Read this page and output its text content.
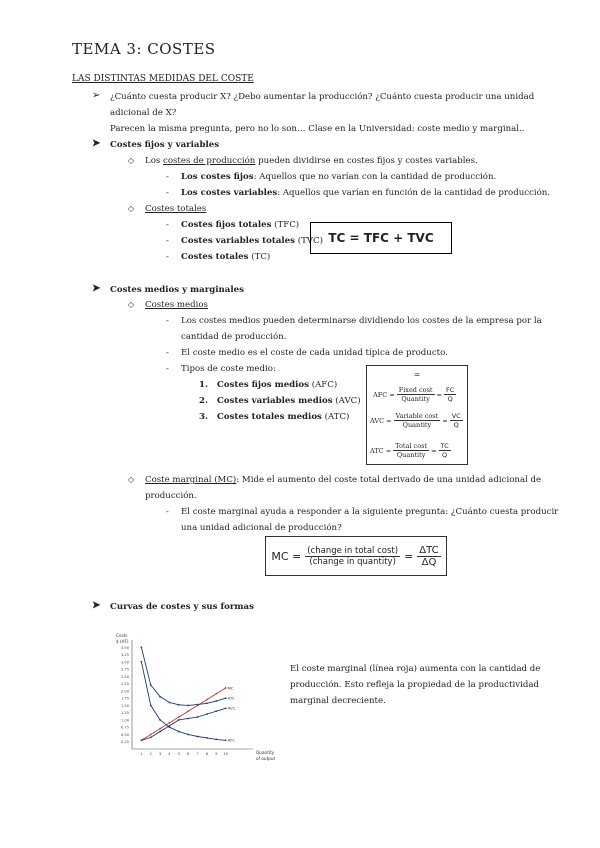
TEMA 3: COSTES
LAS DISTINTAS MEDIDAS DEL COSTE
➢ ¿Cuánto cuesta producir X? ¿Debo aumentar la producción? ¿Cuánto cuesta producir una unidad
adicional de X?
Parecen la misma pregunta, pero no lo son… Clase en la Universidad: coste medio y marginal..
➤ Costes fijos y variables
◇ Los costes de producción pueden dividirse en costes fijos y costes variables.
- Los costes fijos: Aquellos que no varían con la cantidad de producción.
- Los costes variables: Aquellos que varían en función de la cantidad de producción.
◇ Costes totales
- Costes fijos totales (TFC)
- Costes variables totales (TVC)
- Costes totales (TC)
TC = TFC + TVC
➤ Costes medios y marginales
◇ Costes medios
- Los costes medios pueden determinarse dividiendo los costes de la empresa por la
cantidad de producción.
- El coste medio es el coste de cada unidad típica de producto.
- Tipos de coste medio:
1. Costes fijos medios (AFC)
2. Costes variables medios (AVC)
3. Costes totales medios (ATC)
=
AFC = $\frac{\text{Fixed cost}}{\text{Quantity}} = \frac{FC}{Q}$
AVC = $\frac{\text{Variable cost}}{\text{Quantity}} = \frac{VC}{Q}$
ATC = $\frac{\text{Total cost}}{\text{Quantity}} = \frac{TC}{Q}$
◇ Coste marginal (MC): Mide el aumento del coste total derivado de una unidad adicional de
producción.
- El coste marginal ayuda a responder a la siguiente pregunta: ¿Cuánto cuesta producir
una unidad adicional de producción?
MC = $\frac{\text{(change in total cost)}}{\text{(change in quantity)}} = \frac{\text{ΔTC}}{\Delta Q}$
➤ Curvas de costes y sus formas
El coste marginal (línea roja) aumenta con la cantidad de
producción. Esto refleja la propiedad de la productividad
marginal decreciente.
Costs
$ (AF)
Quantity
of output
0.25
0.50
0.75
1.00
1.25
1.50
1.75
2.00
2.25
2.50
2.75
3.00
3.25
3.50
1 2 3 4 5 6 7 8 9 10
MC
ATC
AVC
AFC
